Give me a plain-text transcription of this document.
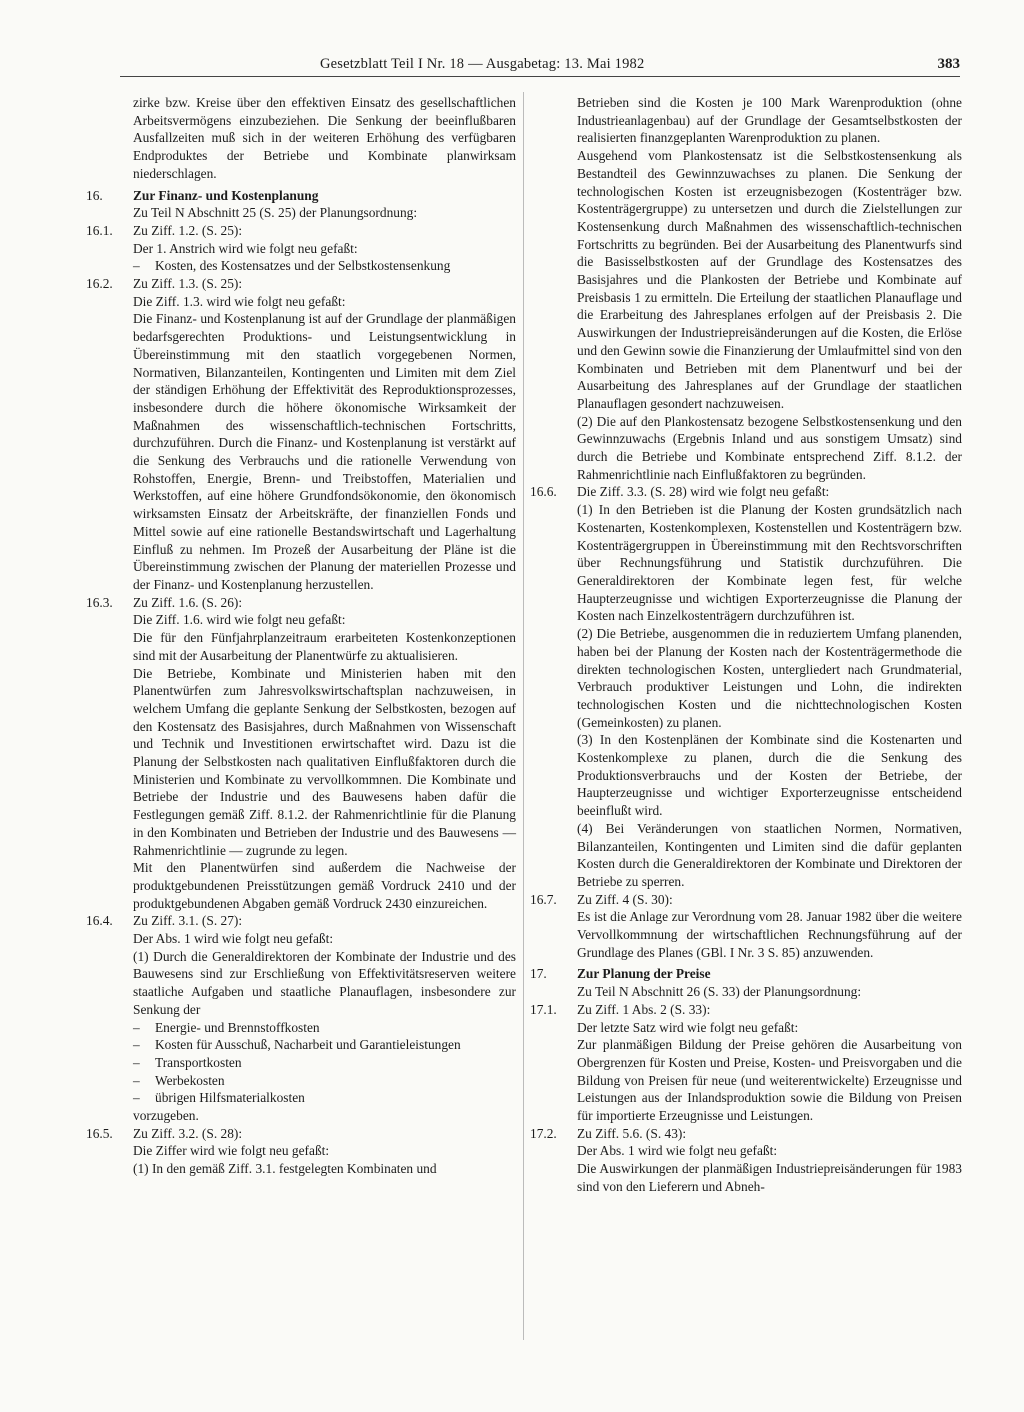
Gesetzblatt Teil I Nr. 18 — Ausgabetag: 13. Mai 1982	383

zirke bzw. Kreise über den effektiven Einsatz des gesellschaftlichen Arbeitsvermögens einzubeziehen. Die Senkung der beeinflußbaren Ausfallzeiten muß sich in der weiteren Erhöhung des verfügbaren Endproduktes der Betriebe und Kombinate planwirksam niederschlagen.

16. Zur Finanz- und Kostenplanung

Zu Teil N Abschnitt 25 (S. 25) der Planungsordnung:

16.1. Zu Ziff. 1.2. (S. 25):

Der 1. Anstrich wird wie folgt neu gefaßt:

– Kosten, des Kostensatzes und der Selbstkostensenkung

16.2. Zu Ziff. 1.3. (S. 25):

Die Ziff. 1.3. wird wie folgt neu gefaßt:

Die Finanz- und Kostenplanung ist auf der Grundlage der planmäßigen bedarfsgerechten Produktions- und Leistungsentwicklung in Übereinstimmung mit den staatlich vorgegebenen Normen, Normativen, Bilanzanteilen, Kontingenten und Limiten mit dem Ziel der ständigen Erhöhung der Effektivität des Reproduktionsprozesses, insbesondere durch die höhere ökonomische Wirksamkeit der Maßnahmen des wissenschaftlich-technischen Fortschritts, durchzuführen. Durch die Finanz- und Kostenplanung ist verstärkt auf die Senkung des Verbrauchs und die rationelle Verwendung von Rohstoffen, Energie, Brenn- und Treibstoffen, Materialien und Werkstoffen, auf eine höhere Grundfondsökonomie, den ökonomisch wirksamsten Einsatz der Arbeitskräfte, der finanziellen Fonds und Mittel sowie auf eine rationelle Bestandswirtschaft und Lagerhaltung Einfluß zu nehmen. Im Prozeß der Ausarbeitung der Pläne ist die Übereinstimmung zwischen der Planung der materiellen Prozesse und der Finanz- und Kostenplanung herzustellen.

16.3. Zu Ziff. 1.6. (S. 26):

Die Ziff. 1.6. wird wie folgt neu gefaßt:

Die für den Fünfjahrplanzeitraum erarbeiteten Kostenkonzeptionen sind mit der Ausarbeitung der Planentwürfe zu aktualisieren.

Die Betriebe, Kombinate und Ministerien haben mit den Planentwürfen zum Jahresvolkswirtschaftsplan nachzuweisen, in welchem Umfang die geplante Senkung der Selbstkosten, bezogen auf den Kostensatz des Basisjahres, durch Maßnahmen von Wissenschaft und Technik und Investitionen erwirtschaftet wird. Dazu ist die Planung der Selbstkosten nach qualitativen Einflußfaktoren durch die Ministerien und Kombinate zu vervollkommnen. Die Kombinate und Betriebe der Industrie und des Bauwesens haben dafür die Festlegungen gemäß Ziff. 8.1.2. der Rahmenrichtlinie für die Planung in den Kombinaten und Betrieben der Industrie und des Bauwesens — Rahmenrichtlinie — zugrunde zu legen.

Mit den Planentwürfen sind außerdem die Nachweise der produktgebundenen Preisstützungen gemäß Vordruck 2410 und der produktgebundenen Abgaben gemäß Vordruck 2430 einzureichen.

16.4. Zu Ziff. 3.1. (S. 27):

Der Abs. 1 wird wie folgt neu gefaßt:

(1) Durch die Generaldirektoren der Kombinate der Industrie und des Bauwesens sind zur Erschließung von Effektivitätsreserven weitere staatliche Aufgaben und staatliche Planauflagen, insbesondere zur Senkung der

– Energie- und Brennstoffkosten

– Kosten für Ausschuß, Nacharbeit und Garantieleistungen

– Transportkosten

– Werbekosten

– übrigen Hilfsmaterialkosten

vorzugeben.

16.5. Zu Ziff. 3.2. (S. 28):

Die Ziffer wird wie folgt neu gefaßt:

(1) In den gemäß Ziff. 3.1. festgelegten Kombinaten und

Betrieben sind die Kosten je 100 Mark Warenproduktion (ohne Industrieanlagenbau) auf der Grundlage der Gesamtselbstkosten der realisierten finanzgeplanten Warenproduktion zu planen.

Ausgehend vom Plankostensatz ist die Selbstkostensenkung als Bestandteil des Gewinnzuwachses zu planen. Die Senkung der technologischen Kosten ist erzeugnisbezogen (Kostenträger bzw. Kostenträgergruppe) zu untersetzen und durch die Zielstellungen zur Kostensenkung durch Maßnahmen des wissenschaftlich-technischen Fortschritts zu begründen. Bei der Ausarbeitung des Planentwurfs sind die Basisselbstkosten auf der Grundlage des Kostensatzes des Basisjahres und die Plankosten der Betriebe und Kombinate auf Preisbasis 1 zu ermitteln. Die Erteilung der staatlichen Planauflage und die Erarbeitung des Jahresplanes erfolgen auf der Preisbasis 2. Die Auswirkungen der Industriepreisänderungen auf die Kosten, die Erlöse und den Gewinn sowie die Finanzierung der Umlaufmittel sind von den Kombinaten und Betrieben mit dem Planentwurf und bei der Ausarbeitung des Jahresplanes auf der Grundlage der staatlichen Planauflagen gesondert nachzuweisen.

(2) Die auf den Plankostensatz bezogene Selbstkostensenkung und den Gewinnzuwachs (Ergebnis Inland und aus sonstigem Umsatz) sind durch die Betriebe und Kombinate entsprechend Ziff. 8.1.2. der Rahmenrichtlinie nach Einflußfaktoren zu begründen.

16.6. Die Ziff. 3.3. (S. 28) wird wie folgt neu gefaßt:

(1) In den Betrieben ist die Planung der Kosten grundsätzlich nach Kostenarten, Kostenkomplexen, Kostenstellen und Kostenträgern bzw. Kostenträgergruppen in Übereinstimmung mit den Rechtsvorschriften über Rechnungsführung und Statistik durchzuführen. Die Generaldirektoren der Kombinate legen fest, für welche Haupterzeugnisse und wichtigen Exporterzeugnisse die Planung der Kosten nach Einzelkostenträgern durchzuführen ist.

(2) Die Betriebe, ausgenommen die in reduziertem Umfang planenden, haben bei der Planung der Kosten nach der Kostenträgermethode die direkten technologischen Kosten, untergliedert nach Grundmaterial, Verbrauch produktiver Leistungen und Lohn, die indirekten technologischen Kosten und die nichttechnologischen Kosten (Gemeinkosten) zu planen.

(3) In den Kostenplänen der Kombinate sind die Kostenarten und Kostenkomplexe zu planen, durch die die Senkung des Produktionsverbrauchs und der Kosten der Betriebe, der Haupterzeugnisse und wichtiger Exporterzeugnisse entscheidend beeinflußt wird.

(4) Bei Veränderungen von staatlichen Normen, Normativen, Bilanzanteilen, Kontingenten und Limiten sind die dafür geplanten Kosten durch die Generaldirektoren der Kombinate und Direktoren der Betriebe zu sperren.

16.7. Zu Ziff. 4 (S. 30):

Es ist die Anlage zur Verordnung vom 28. Januar 1982 über die weitere Vervollkommnung der wirtschaftlichen Rechnungsführung auf der Grundlage des Planes (GBl. I Nr. 3 S. 85) anzuwenden.

17. Zur Planung der Preise

Zu Teil N Abschnitt 26 (S. 33) der Planungsordnung:

17.1. Zu Ziff. 1 Abs. 2 (S. 33):

Der letzte Satz wird wie folgt neu gefaßt:

Zur planmäßigen Bildung der Preise gehören die Ausarbeitung von Obergrenzen für Kosten und Preise, Kosten- und Preisvorgaben und die Bildung von Preisen für neue (und weiterentwickelte) Erzeugnisse und Leistungen aus der Inlandsproduktion sowie die Bildung von Preisen für importierte Erzeugnisse und Leistungen.

17.2. Zu Ziff. 5.6. (S. 43):

Der Abs. 1 wird wie folgt neu gefaßt:

Die Auswirkungen der planmäßigen Industriepreisänderungen für 1983 sind von den Lieferern und Abneh-
